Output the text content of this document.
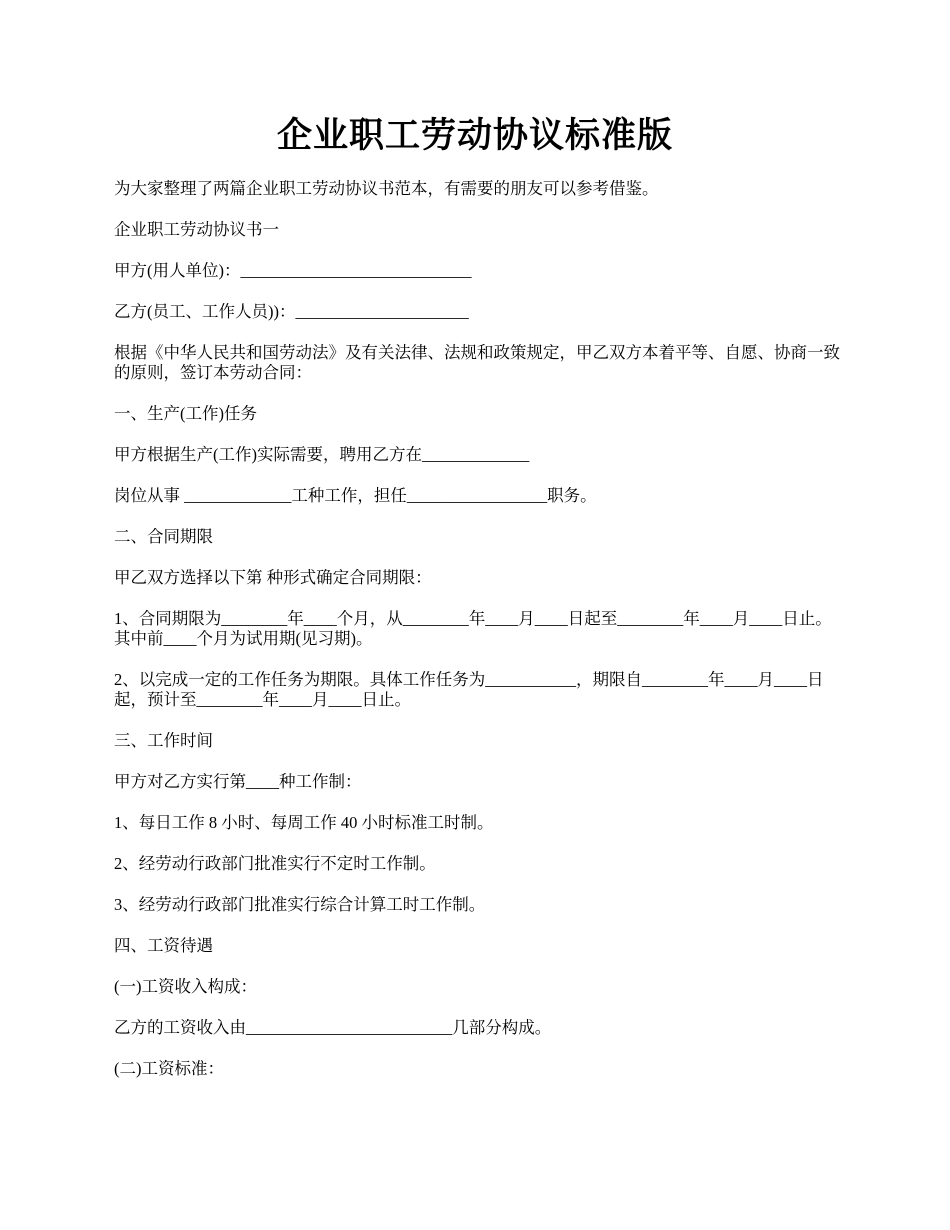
企业职工劳动协议标准版

为大家整理了两篇企业职工劳动协议书范本，有需要的朋友可以参考借鉴。

企业职工劳动协议书一

甲方(用人单位)：____________________________

乙方(员工、工作人员))：_____________________

根据《中华人民共和国劳动法》及有关法律、法规和政策规定，甲乙双方本着平等、自愿、协商一致的原则，签订本劳动合同：

一、生产(工作)任务

甲方根据生产(工作)实际需要，聘用乙方在_____________

岗位从事 _____________工种工作，担任_________________职务。

二、合同期限

甲乙双方选择以下第 种形式确定合同期限：

1、合同期限为________年____个月，从________年____月____日起至________年____月____日止。其中前____个月为试用期(见习期)。

2、以完成一定的工作任务为期限。具体工作任务为___________，期限自________年____月____日起，预计至________年____月____日止。

三、工作时间

甲方对乙方实行第____种工作制：

1、每日工作 8 小时、每周工作 40 小时标准工时制。

2、经劳动行政部门批准实行不定时工作制。

3、经劳动行政部门批准实行综合计算工时工作制。

四、工资待遇

(一)工资收入构成：

乙方的工资收入由_________________________几部分构成。

(二)工资标准：
